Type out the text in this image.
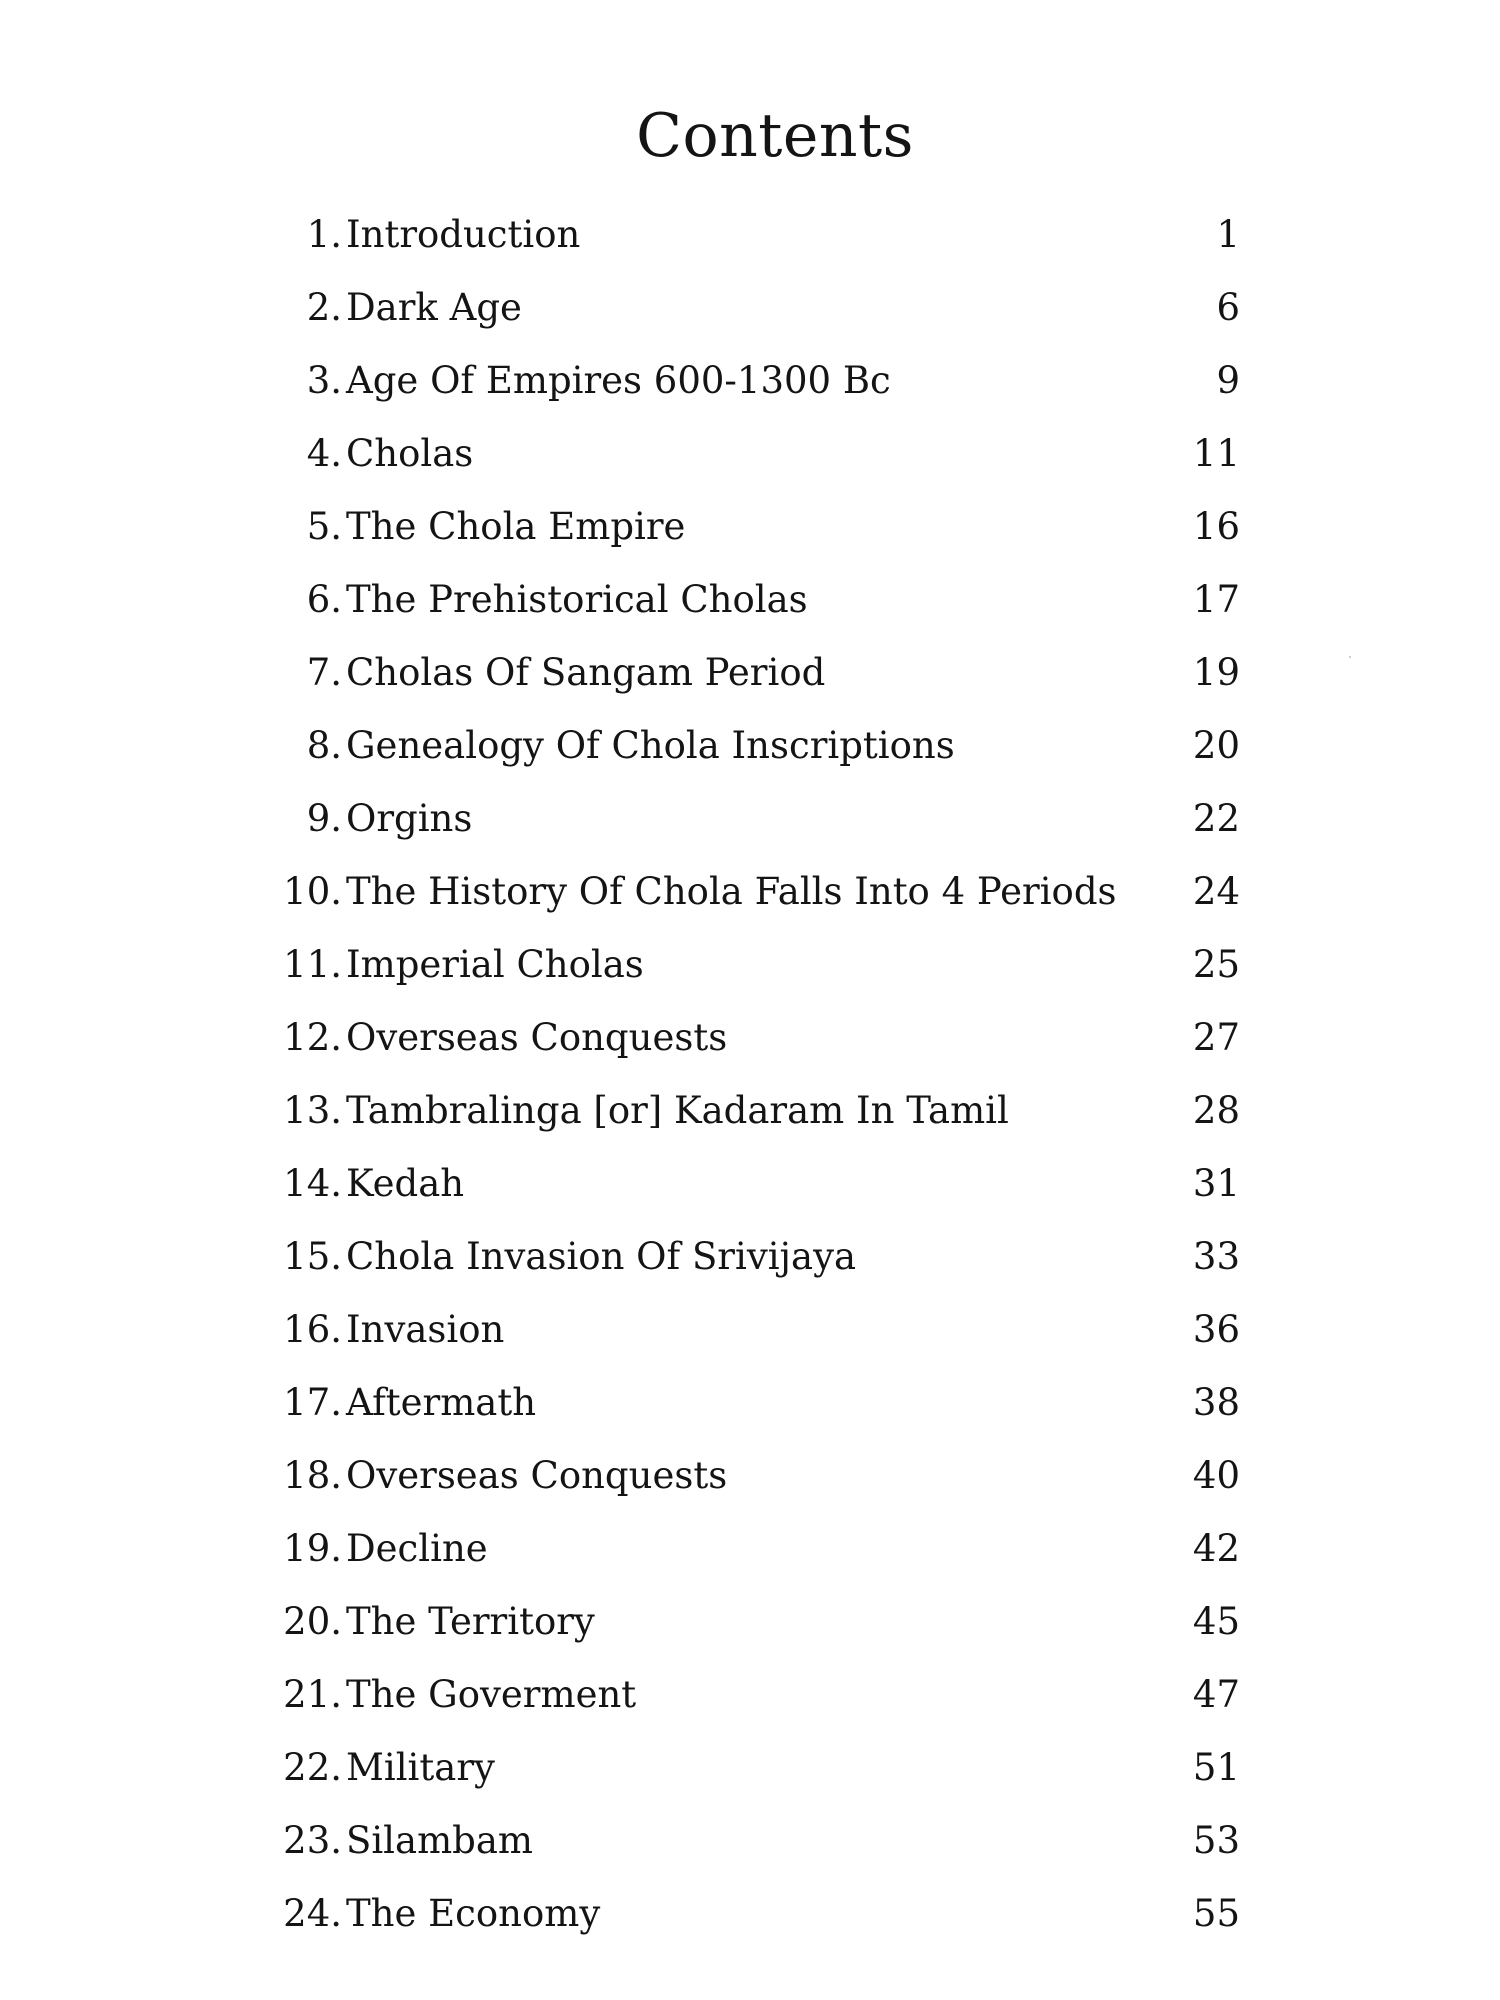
Contents
1. Introduction	1
2. Dark Age	6
3. Age Of Empires 600-1300 Bc	9
4. Cholas	11
5. The Chola Empire	16
6. The Prehistorical Cholas	17
7. Cholas Of Sangam Period	19
8. Genealogy Of Chola Inscriptions	20
9. Orgins	22
10. The History Of Chola Falls Into 4 Periods 24
11. Imperial Cholas	25
12. Overseas Conquests	27
13. Tambralinga [or] Kadaram In Tamil	28
14. Kedah	31
15. Chola Invasion Of Srivijaya	33
16. Invasion	36
17. Aftermath	38
18. Overseas Conquests	40
19. Decline	42
20. The Territory	45
21. The Goverment	47
22. Military	51
23. Silambam	53
24. The Economy	55
